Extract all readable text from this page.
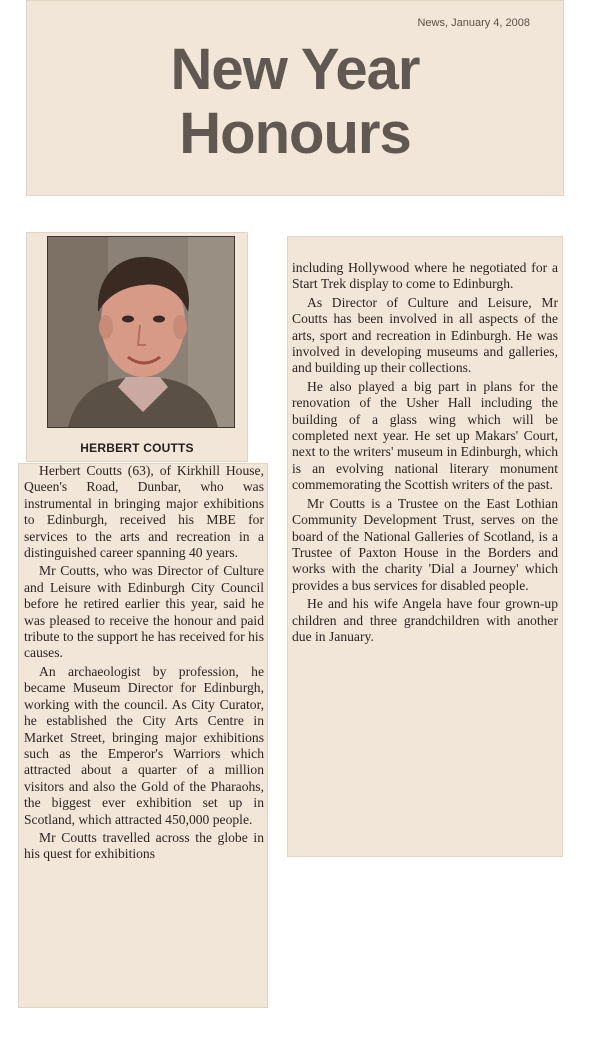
News, January 4, 2008
New Year
Honours
HERBERT COUTTS

Herbert Coutts (63), of Kirkhill House, Queen's Road, Dunbar, who was instrumental in bringing major exhibitions to Edinburgh, received his MBE for services to the arts and recreation in a distinguished career spanning 40 years.

Mr Coutts, who was Director of Culture and Leisure with Edinburgh City Council before he retired earlier this year, said he was pleased to receive the honour and paid tribute to the support he has received for his causes.

An archaeologist by profession, he became Museum Director for Edinburgh, working with the council. As City Curator, he established the City Arts Centre in Market Street, bringing major exhibitions such as the Emperor's Warriors which attracted about a quarter of a million visitors and also the Gold of the Pharaohs, the biggest ever exhibition set up in Scotland, which attracted 450,000 people.

Mr Coutts travelled across the globe in his quest for exhibitions

including Hollywood where he negotiated for a Start Trek display to come to Edinburgh.

As Director of Culture and Leisure, Mr Coutts has been involved in all aspects of the arts, sport and recreation in Edinburgh. He was involved in developing museums and galleries, and building up their collections.

He also played a big part in plans for the renovation of the Usher Hall including the building of a glass wing which will be completed next year. He set up Makars' Court, next to the writers' museum in Edinburgh, which is an evolving national literary monument commemorating the Scottish writers of the past.

Mr Coutts is a Trustee on the East Lothian Community Development Trust, serves on the board of the National Galleries of Scotland, is a Trustee of Paxton House in the Borders and works with the charity 'Dial a Journey' which provides a bus services for disabled people.

He and his wife Angela have four grown-up children and three grandchildren with another due in January.
